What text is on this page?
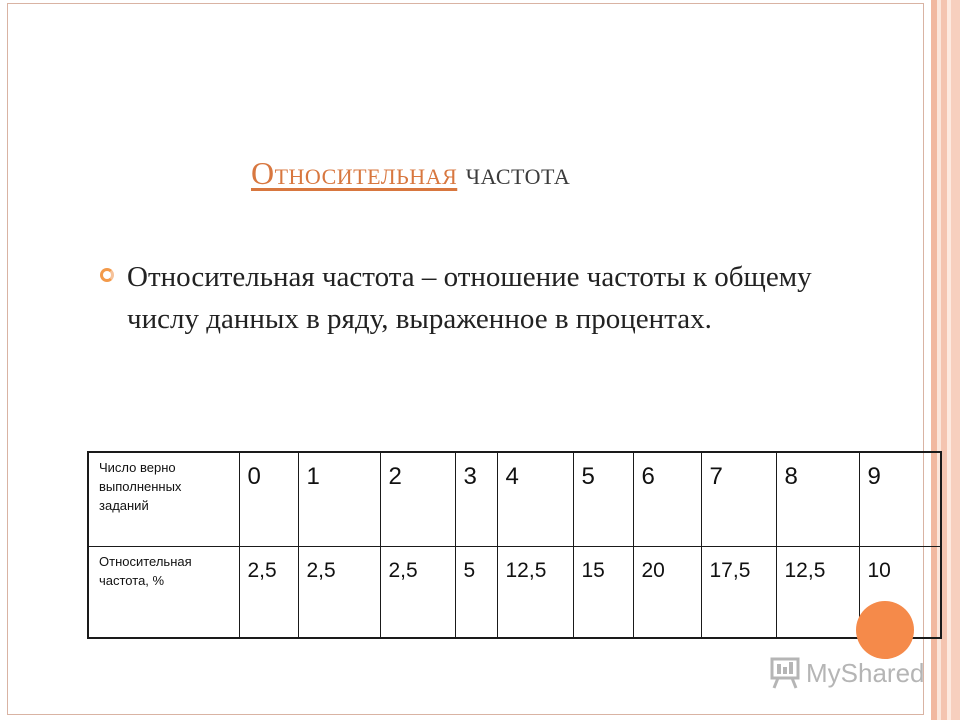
Относительная частота
Относительная частота – отношение частоты к общему числу данных в ряду, выраженное в процентах.
Число верно выполненных заданий	0	1	2	3	4	5	6	7	8	9
Относительная частота, %	2,5	2,5	2,5	5	12,5	15	20	17,5	12,5	10
MyShared
